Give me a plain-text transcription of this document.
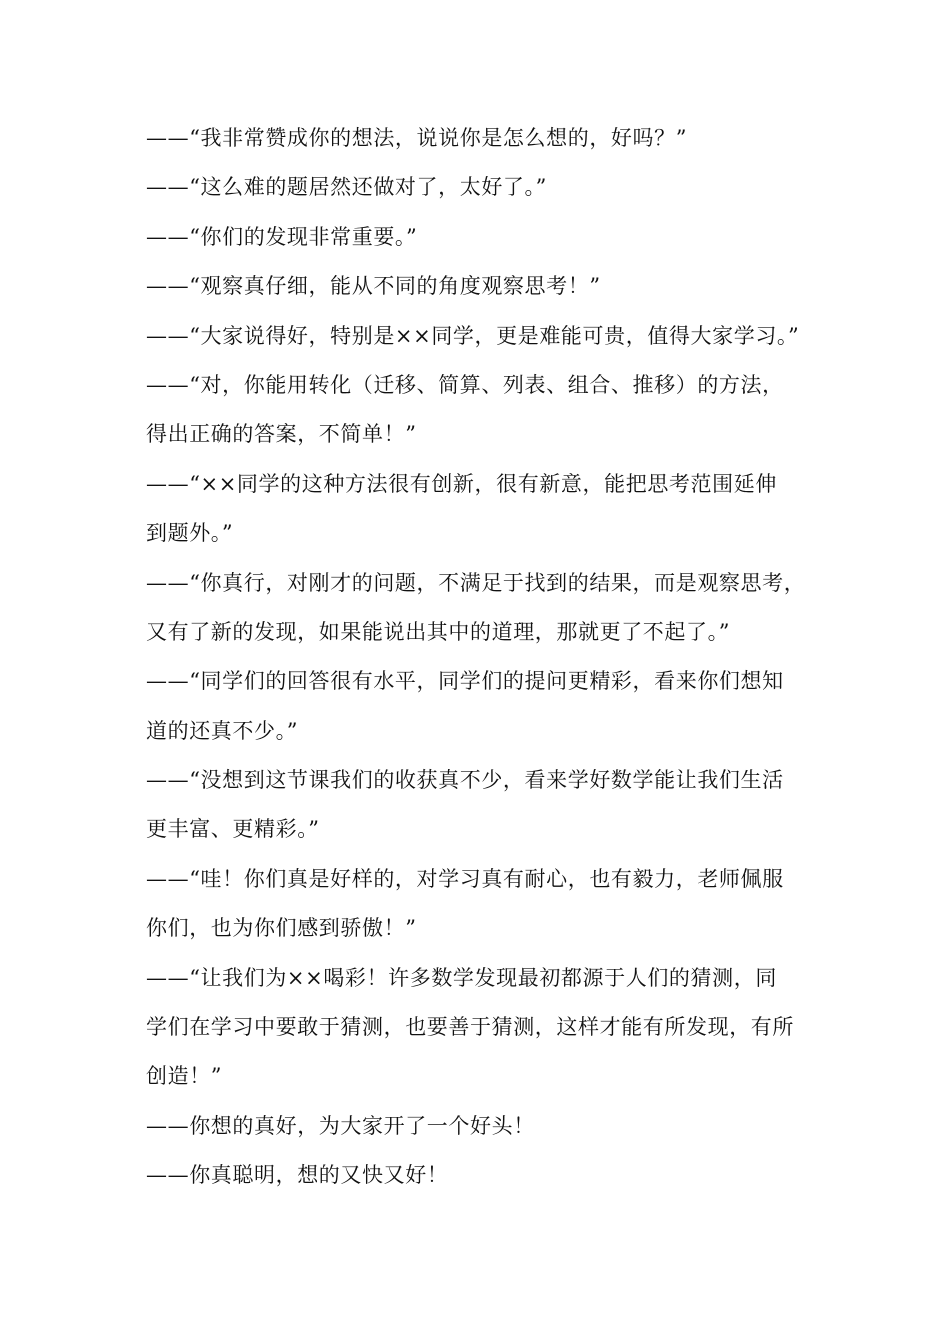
——“我非常赞成你的想法，说说你是怎么想的，好吗？”
——“这么难的题居然还做对了，太好了。”
——“你们的发现非常重要。”
——“观察真仔细，能从不同的角度观察思考！”
——“大家说得好，特别是××同学，更是难能可贵，值得大家学习。”
——“对，你能用转化（迁移、简算、列表、组合、推移）的方法，
得出正确的答案，不简单！”
——“××同学的这种方法很有创新，很有新意，能把思考范围延伸
到题外。”
——“你真行，对刚才的问题，不满足于找到的结果，而是观察思考，
又有了新的发现，如果能说出其中的道理，那就更了不起了。”
——“同学们的回答很有水平，同学们的提问更精彩，看来你们想知
道的还真不少。”
——“没想到这节课我们的收获真不少，看来学好数学能让我们生活
更丰富、更精彩。”
——“哇！你们真是好样的，对学习真有耐心，也有毅力，老师佩服
你们，也为你们感到骄傲！”
——“让我们为××喝彩！许多数学发现最初都源于人们的猜测，同
学们在学习中要敢于猜测，也要善于猜测，这样才能有所发现，有所
创造！”
——你想的真好，为大家开了一个好头！
——你真聪明，想的又快又好！
